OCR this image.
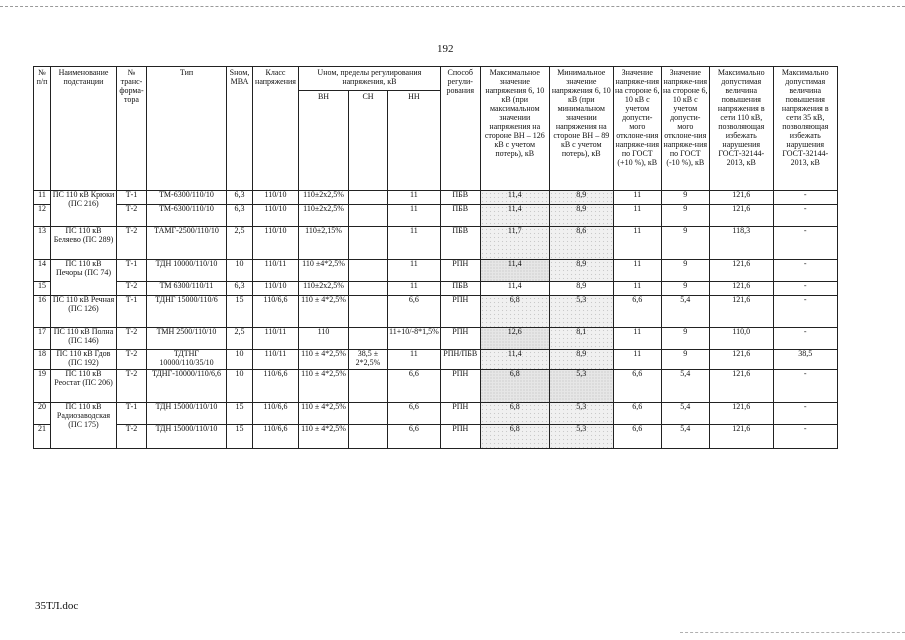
192
№ п/п	Наименование подстанции	№ транс-форма-тора	Тип	Sном, МВА	Класс напряжения	Uном, пределы регулирования напряжения, кВ			Способ регули-рования	Максимальное значение напряжения 6, 10 кВ (при максимальном значении напряжения на стороне ВН – 126 кВ с учетом потерь), кВ	Минимальное значение напряжения 6, 10 кВ (при минимальном значении напряжения на стороне ВН – 89 кВ с учетом потерь), кВ	Значение напряже-ния на стороне 6, 10 кВ с учетом допусти-мого отклоне-ния напряже-ния по ГОСТ (+10 %), кВ	Значение напряже-ния на стороне 6, 10 кВ с учетом допусти-мого отклоне-ния напряже-ния по ГОСТ (-10 %), кВ	Максимально допустимая величина повышения напряжения в сети 110 кВ, позволяющая избежать нарушения ГОСТ-32144-2013, кВ	Максимально допустимая величина повышения напряжения в сети 35 кВ, позволяющая избежать нарушения ГОСТ-32144-2013, кВ
						ВН	СН	НН							
11	ПС 110 кВ Крюки (ПС 216)	Т-1	ТМ-6300/110/10	6,3	110/10	110±2х2,5%		11	ПБВ	11,4	8,9	11	9	121,6	-
12		Т-2	ТМ-6300/110/10	6,3	110/10	110±2х2,5%		11	ПБВ	11,4	8,9	11	9	121,6	-
13	ПС 110 кВ Беляево (ПС 289)	Т-2	ТАМГ-2500/110/10	2,5	110/10	110±2,15%		11	ПБВ	11,7	8,6	11	9	118,3	-
14	ПС 110 кВ Печоры (ПС 74)	Т-1	ТДН 10000/110/10	10	110/11	110 ±4*2,5%		11	РПН	11,4	8,9	11	9	121,6	-
15		Т-2	ТМ 6300/110/11	6,3	110/10	110±2х2,5%		11	ПБВ	11,4	8,9	11	9	121,6	-
16	ПС 110 кВ Речная (ПС 126)	Т-1	ТДНГ 15000/110/6	15	110/6,6	110 ± 4*2,5%		6,6	РПН	6,8	5,3	6,6	5,4	121,6	-
17	ПС 110 кВ Полна (ПС 146)	Т-2	ТМН 2500/110/10	2,5	110/11	110		11+10/-8*1,5%	РПН	12,6	8,1	11	9	110,0	-
18	ПС 110 кВ Гдов (ПС 192)	Т-2	ТДТНГ 10000/110/35/10	10	110/11	110 ± 4*2,5%	38,5 ± 2*2,5%	11	РПН/ПБВ	11,4	8,9	11	9	121,6	38,5
19	ПС 110 кВ Реостат (ПС 206)	Т-2	ТДНГ-10000/110/6,6	10	110/6,6	110 ± 4*2,5%		6,6	РПН	6,8	5,3	6,6	5,4	121,6	-
20	ПС 110 кВ Радиозаводская (ПС 175)	Т-1	ТДН 15000/110/10	15	110/6,6	110 ± 4*2,5%		6,6	РПН	6,8	5,3	6,6	5,4	121,6	-
21		Т-2	ТДН 15000/110/10	15	110/6,6	110 ± 4*2,5%		6,6	РПН	6,8	5,3	6,6	5,4	121,6	-
35ТЛ.doc
